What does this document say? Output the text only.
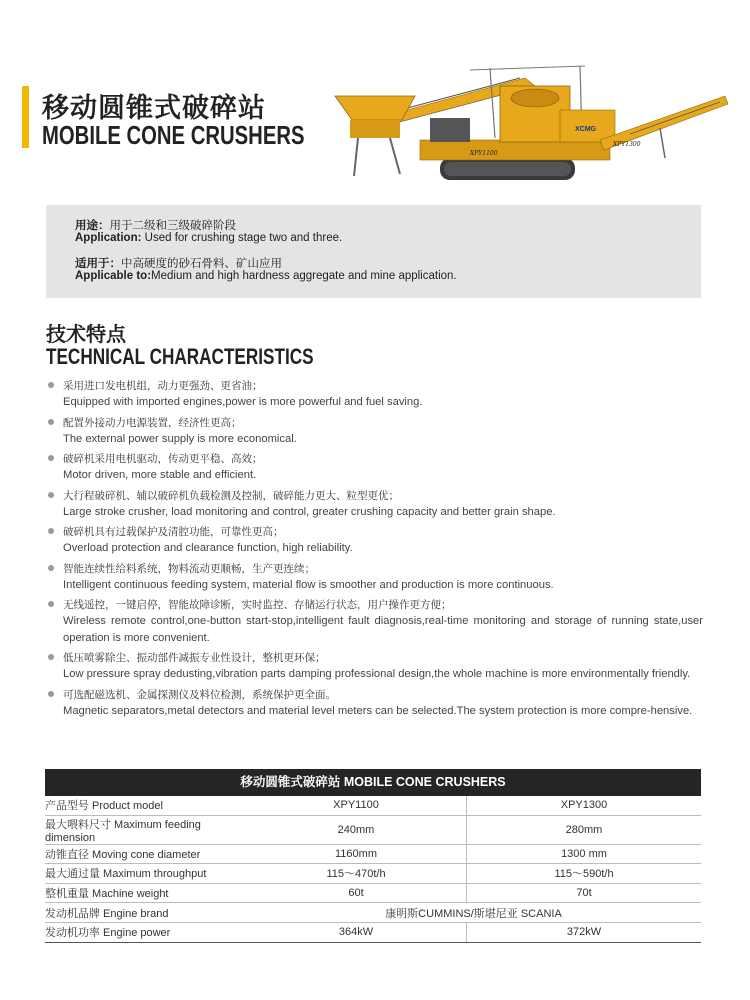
移动圆锥式破碎站
MOBILE CONE CRUSHERS
XPY1100
XCMG
XPY1300
用途：用于二级和三级破碎阶段
Application: Used for crushing stage two and three.
适用于：中高硬度的砂石骨料、矿山应用
Applicable to:Medium and high hardness aggregate and mine application.
技术特点
TECHNICAL CHARACTERISTICS
采用进口发电机组，动力更强劲、更省油；
Equipped with imported engines,power is more powerful and fuel saving.
配置外接动力电源装置，经济性更高；
The external power supply is more economical.
破碎机采用电机驱动，传动更平稳、高效；
Motor driven, more stable and efficient.
大行程破碎机、辅以破碎机负载检测及控制，破碎能力更大、粒型更优；
Large stroke crusher, load monitoring and control, greater crushing capacity and better grain shape.
破碎机具有过载保护及清腔功能，可靠性更高；
Overload protection and clearance function, high reliability.
智能连续性给料系统，物料流动更顺畅，生产更连续；
Intelligent continuous feeding system, material flow is smoother and production is more continuous.
无线遥控，一键启停，智能故障诊断，实时监控、存储运行状态，用户操作更方便；
Wireless remote control,one-button start-stop,intelligent fault diagnosis,real-time monitoring and storage of running state,user operation is more convenient.
低压喷雾除尘、振动部件减振专业性设计，整机更环保；
Low pressure spray dedusting,vibration parts damping professional design,the whole machine is more environmentally friendly.
可选配磁选机、金属探测仪及料位检测，系统保护更全面。
Magnetic separators,metal detectors and material level meters can be selected.The system protection is more compre-hensive.
移动圆锥式破碎站 MOBILE CONE CRUSHERS		
产品型号 Product model	XPY1100	XPY1300
最大喂料尺寸 Maximum feeding dimension	240mm	280mm
动锥直径 Moving cone diameter	1160mm	1300 mm
最大通过量 Maximum throughput	115～470t/h	115～590t/h
整机重量 Machine weight	60t	70t
发动机品牌 Engine brand	康明斯CUMMINS/斯堪尼亚 SCANIA	
发动机功率 Engine power	364kW	372kW
